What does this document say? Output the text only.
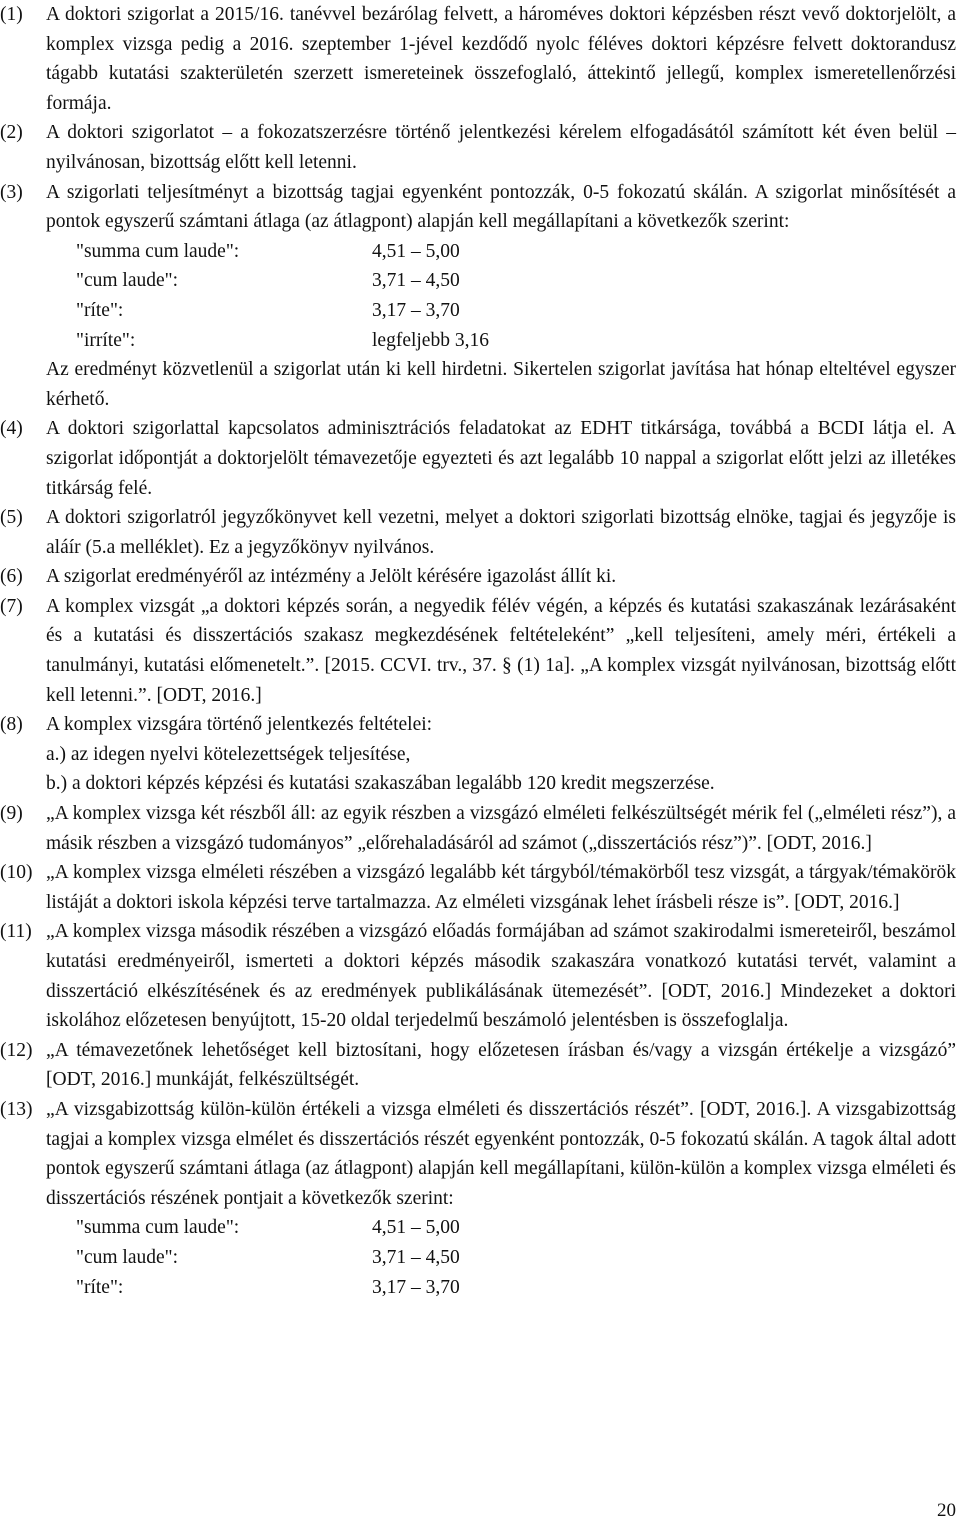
(1) A doktori szigorlat a 2015/16. tanévvel bezárólag felvett, a hároméves doktori képzésben részt vevő doktorjelölt, a komplex vizsga pedig a 2016. szeptember 1-jével kezdődő nyolc féléves doktori képzésre felvett doktorandusz tágabb kutatási szakterületén szerzett ismereteinek összefoglaló, áttekintő jellegű, komplex ismeretellenőrzési formája.
(2) A doktori szigorlatot – a fokozatszerzésre történő jelentkezési kérelem elfogadásától számított két éven belül – nyilvánosan, bizottság előtt kell letenni.
(3) A szigorlati teljesítményt a bizottság tagjai egyenként pontozzák, 0-5 fokozatú skálán. A szigorlat minősítését a pontok egyszerű számtani átlaga (az átlagpont) alapján kell megállapítani a következők szerint:
"summa cum laude":	4,51 – 5,00
"cum laude":	3,71 – 4,50
"ríte":	3,17 – 3,70
"irríte":	legfeljebb 3,16
Az eredményt közvetlenül a szigorlat után ki kell hirdetni. Sikertelen szigorlat javítása hat hónap elteltével egyszer kérhető.
(4) A doktori szigorlattal kapcsolatos adminisztrációs feladatokat az EDHT titkársága, továbbá a BCDI látja el. A szigorlat időpontját a doktorjelölt témavezetője egyezteti és azt legalább 10 nappal a szigorlat előtt jelzi az illetékes titkárság felé.
(5) A doktori szigorlatról jegyzőkönyvet kell vezetni, melyet a doktori szigorlati bizottság elnöke, tagjai és jegyzője is aláír (5.a melléklet). Ez a jegyzőkönyv nyilvános.
(6) A szigorlat eredményéről az intézmény a Jelölt kérésére igazolást állít ki.
(7) A komplex vizsgát „a doktori képzés során, a negyedik félév végén, a képzés és kutatási szakaszának lezárásaként és a kutatási és disszertációs szakasz megkezdésének feltételeként” „kell teljesíteni, amely méri, értékeli a tanulmányi, kutatási előmenetelt.”. [2015. CCVI. trv., 37. § (1) 1a]. „A komplex vizsgát nyilvánosan, bizottság előtt kell letenni.”. [ODT, 2016.]
(8) A komplex vizsgára történő jelentkezés feltételei:
a.) az idegen nyelvi kötelezettségek teljesítése,
b.) a doktori képzés képzési és kutatási szakaszában legalább 120 kredit megszerzése.
(9) „A komplex vizsga két részből áll: az egyik részben a vizsgázó elméleti felkészültségét mérik fel („elméleti rész”), a másik részben a vizsgázó tudományos” „előrehaladásáról ad számot („disszertációs rész”)”. [ODT, 2016.]
(10) „A komplex vizsga elméleti részében a vizsgázó legalább két tárgyból/témakörből tesz vizsgát, a tárgyak/témakörök listáját a doktori iskola képzési terve tartalmazza. Az elméleti vizsgának lehet írásbeli része is”. [ODT, 2016.]
(11) „A komplex vizsga második részében a vizsgázó előadás formájában ad számot szakirodalmi ismereteiről, beszámol kutatási eredményeiről, ismerteti a doktori képzés második szakaszára vonatkozó kutatási tervét, valamint a disszertáció elkészítésének és az eredmények publikálásának ütemezését”. [ODT, 2016.] Mindezeket a doktori iskolához előzetesen benyújtott, 15-20 oldal terjedelmű beszámoló jelentésben is összefoglalja.
(12) „A témavezetőnek lehetőséget kell biztosítani, hogy előzetesen írásban és/vagy a vizsgán értékelje a vizsgázó” [ODT, 2016.] munkáját, felkészültségét.
(13) „A vizsgabizottság külön-külön értékeli a vizsga elméleti és disszertációs részét”. [ODT, 2016.]. A vizsgabizottság tagjai a komplex vizsga elmélet és disszertációs részét egyenként pontozzák, 0-5 fokozatú skálán. A tagok által adott pontok egyszerű számtani átlaga (az átlagpont) alapján kell megállapítani, külön-külön a komplex vizsga elméleti és disszertációs részének pontjait a következők szerint:
"summa cum laude":	4,51 – 5,00
"cum laude":	3,71 – 4,50
"ríte":	3,17 – 3,70
20
